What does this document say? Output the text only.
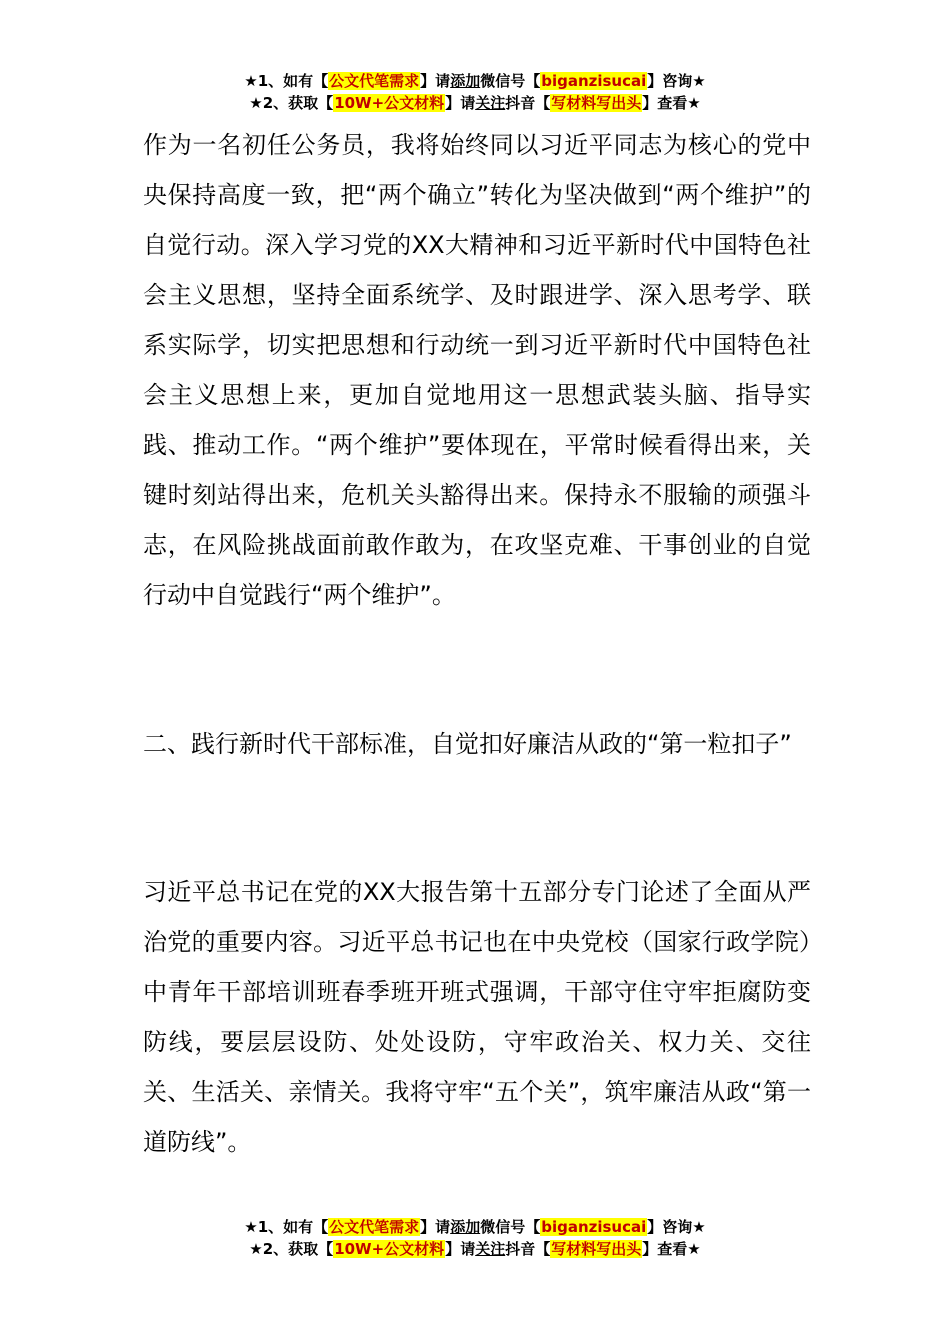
★1、如有【公文代笔需求】请添加微信号【biganzisucai】咨询★
★2、获取【10W+公文材料】请关注抖音【写材料写出头】查看★
作为一名初任公务员，我将始终同以习近平同志为核心的党中央保持高度一致，把“两个确立”转化为坚决做到“两个维护”的自觉行动。深入学习党的XX大精神和习近平新时代中国特色社会主义思想，坚持全面系统学、及时跟进学、深入思考学、联系实际学，切实把思想和行动统一到习近平新时代中国特色社会主义思想上来，更加自觉地用这一思想武装头脑、指导实践、推动工作。“两个维护”要体现在，平常时候看得出来，关键时刻站得出来，危机关头豁得出来。保持永不服输的顽强斗志，在风险挑战面前敢作敢为，在攻坚克难、干事创业的自觉行动中自觉践行“两个维护”。
二、践行新时代干部标准，自觉扣好廉洁从政的“第一粒扣子”
习近平总书记在党的XX大报告第十五部分专门论述了全面从严治党的重要内容。习近平总书记也在中央党校（国家行政学院）中青年干部培训班春季班开班式强调，干部守住守牢拒腐防变防线，要层层设防、处处设防，守牢政治关、权力关、交往关、生活关、亲情关。我将守牢“五个关”，筑牢廉洁从政“第一道防线”。
★1、如有【公文代笔需求】请添加微信号【biganzisucai】咨询★
★2、获取【10W+公文材料】请关注抖音【写材料写出头】查看★
